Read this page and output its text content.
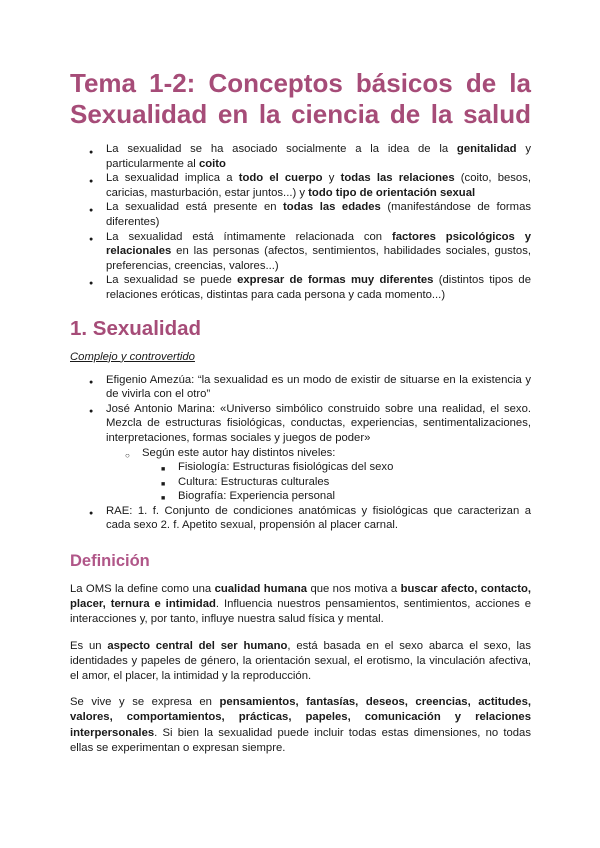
Tema 1-2: Conceptos básicos de la
Sexualidad en la ciencia de la salud
● La sexualidad se ha asociado socialmente a la idea de la genitalidad y particularmente al coito
● La sexualidad implica a todo el cuerpo y todas las relaciones (coito, besos, caricias, masturbación, estar juntos...) y todo tipo de orientación sexual
● La sexualidad está presente en todas las edades (manifestándose de formas diferentes)
● La sexualidad está íntimamente relacionada con factores psicológicos y relacionales en las personas (afectos, sentimientos, habilidades sociales, gustos, preferencias, creencias, valores...)
● La sexualidad se puede expresar de formas muy diferentes (distintos tipos de relaciones eróticas, distintas para cada persona y cada momento...)
1. Sexualidad
Complejo y controvertido
● Efigenio Amezúa: “la sexualidad es un modo de existir de situarse en la existencia y de vivirla con el otro”
● José Antonio Marina: «Universo simbólico construido sobre una realidad, el sexo. Mezcla de estructuras fisiológicas, conductas, experiencias, sentimentalizaciones, interpretaciones, formas sociales y juegos de poder»
○ Según este autor hay distintos niveles:
■ Fisiología: Estructuras fisiológicas del sexo
■ Cultura: Estructuras culturales
■ Biografía: Experiencia personal
● RAE: 1. f. Conjunto de condiciones anatómicas y fisiológicas que caracterizan a cada sexo 2. f. Apetito sexual, propensión al placer carnal.
Definición

La OMS la define como una cualidad humana que nos motiva a buscar afecto, contacto, placer, ternura e intimidad. Influencia nuestros pensamientos, sentimientos, acciones e interacciones y, por tanto, influye nuestra salud física y mental.

Es un aspecto central del ser humano, está basada en el sexo abarca el sexo, las identidades y papeles de género, la orientación sexual, el erotismo, la vinculación afectiva, el amor, el placer, la intimidad y la reproducción.

Se vive y se expresa en pensamientos, fantasías, deseos, creencias, actitudes, valores, comportamientos, prácticas, papeles, comunicación y relaciones interpersonales. Si bien la sexualidad puede incluir todas estas dimensiones, no todas ellas se experimentan o expresan siempre.
